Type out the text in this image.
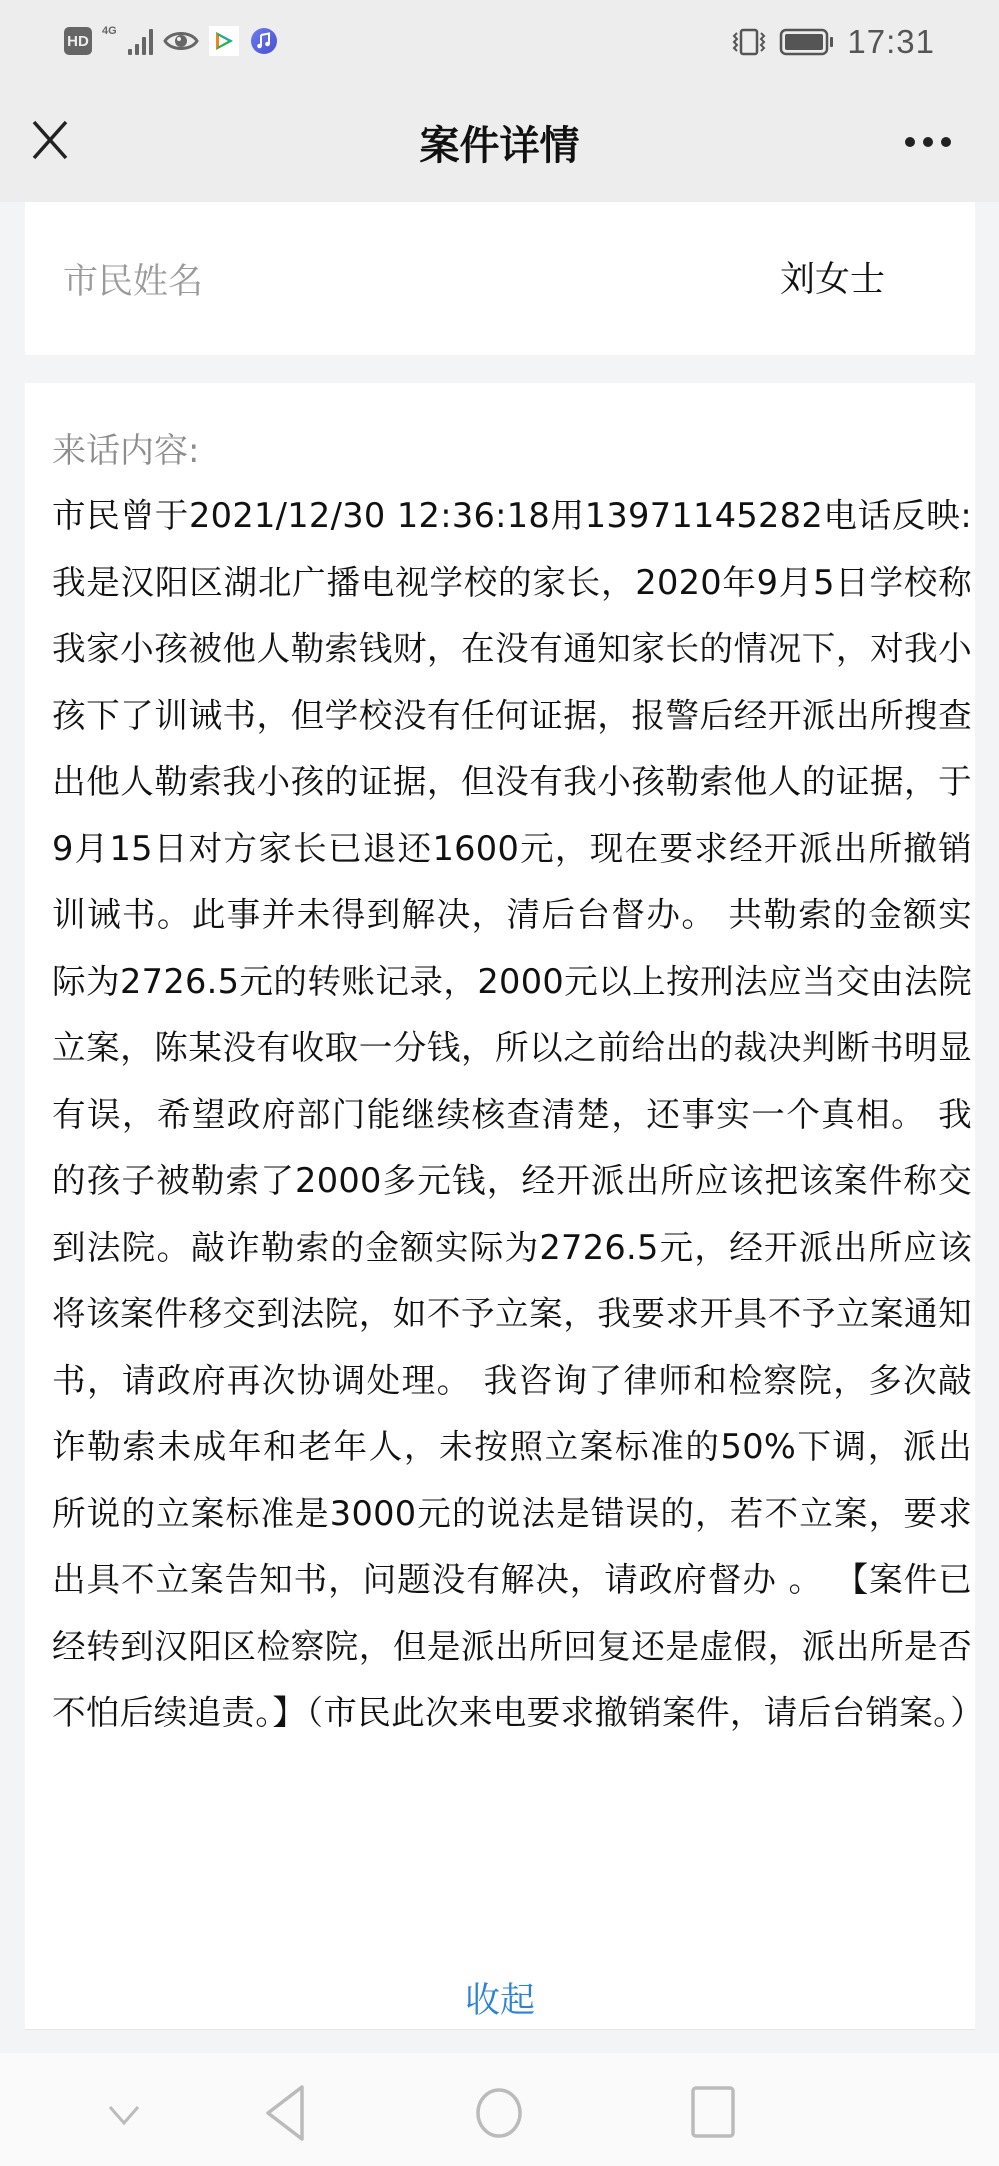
HD
4G	17:31
案件详情
市民姓名	刘女士
来话内容:
市民曾于2021/12/30 12:36:18用13971145282电话反映: 我是汉阳区湖北广播电视学校的家长，2020年9月5日学校称我家小孩被他人勒索钱财，在没有通知家长的情况下，对我小孩下了训诫书，但学校没有任何证据，报警后经开派出所搜查出他人勒索我小孩的证据，但没有我小孩勒索他人的证据，于9月15日对方家长已退还1600元，现在要求经开派出所撤销训诫书。此事并未得到解决，清后台督办。 共勒索的金额实际为2726.5元的转账记录，2000元以上按刑法应当交由法院立案，陈某没有收取一分钱，所以之前给出的裁决判断书明显有误，希望政府部门能继续核查清楚，还事实一个真相。 我的孩子被勒索了2000多元钱，经开派出所应该把该案件称交到法院。敲诈勒索的金额实际为2726.5元，经开派出所应该将该案件移交到法院，如不予立案，我要求开具不予立案通知书，请政府再次协调处理。 我咨询了律师和检察院，多次敲诈勒索未成年和老年人，未按照立案标准的50%下调，派出所说的立案标准是3000元的说法是错误的，若不立案，要求出具不立案告知书，问题没有解决，请政府督办 。 【案件已经转到汉阳区检察院，但是派出所回复还是虚假，派出所是否不怕后续追责。】（市民此次来电要求撤销案件，请后台销案。）
收起
